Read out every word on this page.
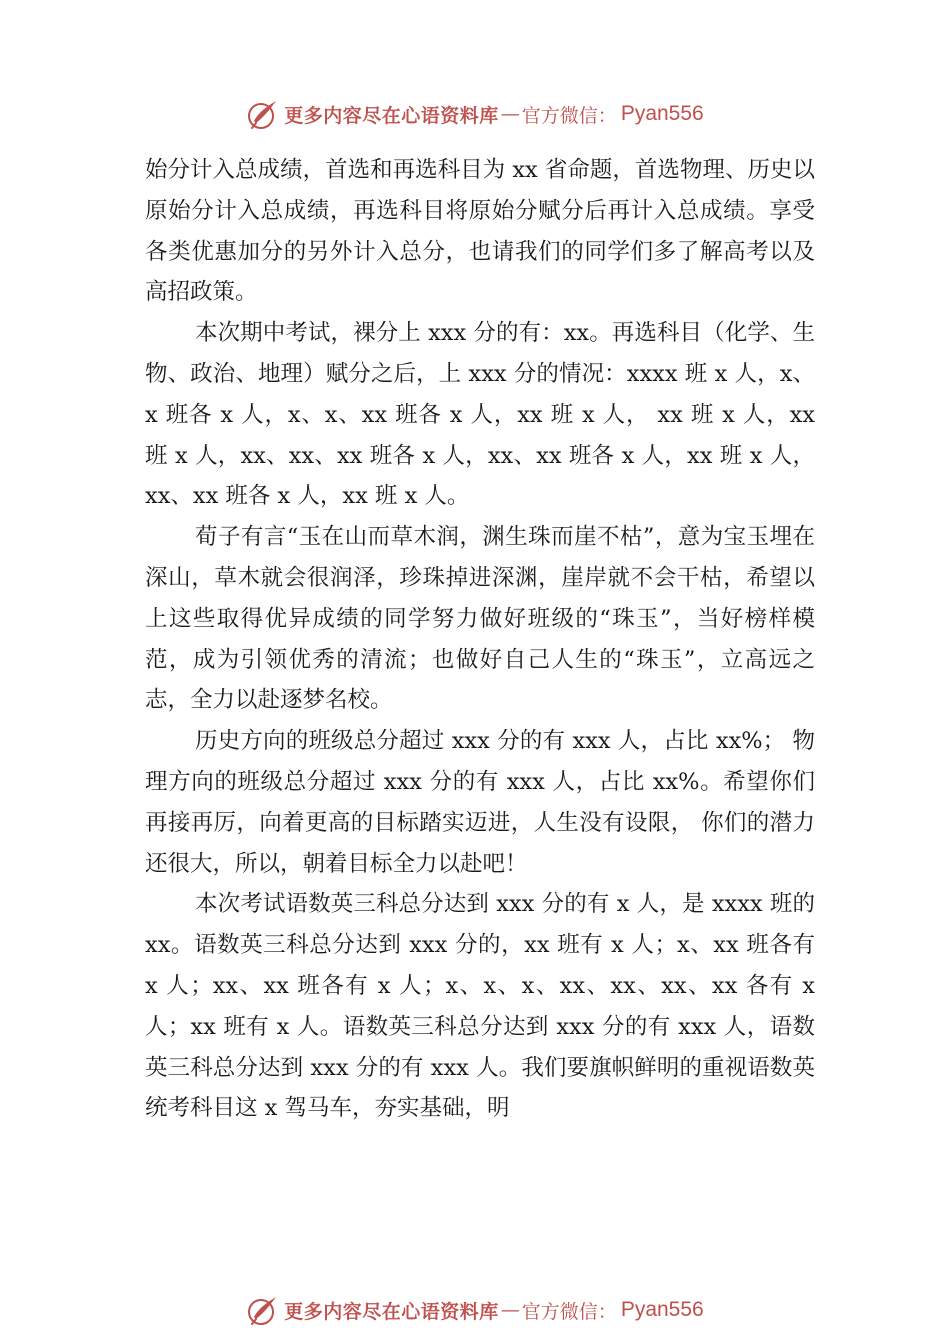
更多内容尽在心语资料库 — 官方微信： Pyan556

始分计入总成绩，首选和再选科目为 xx 省命题，首选物理、历史以原始分计入总成绩，再选科目将原始分赋分后再计入总成绩。享受各类优惠加分的另外计入总分，也请我们的同学们多了解高考以及高招政策。

本次期中考试，裸分上 xxx 分的有：xx。再选科目（化学、生物、政治、地理）赋分之后，上 xxx 分的情况：xxxx 班 x 人，x、x 班各 x 人，x、x、xx 班各 x 人，xx 班 x 人， xx 班 x 人，xx 班 x 人，xx、xx、xx 班各 x 人，xx、xx 班各 x 人，xx 班 x 人，xx、xx 班各 x 人，xx 班 x 人。

荀子有言“玉在山而草木润，渊生珠而崖不枯”，意为宝玉埋在深山，草木就会很润泽，珍珠掉进深渊，崖岸就不会干枯，希望以上这些取得优异成绩的同学努力做好班级的“珠玉”，当好榜样模范，成为引领优秀的清流；也做好自己人生的“珠玉”，立高远之志，全力以赴逐梦名校。

历史方向的班级总分超过 xxx 分的有 xxx 人，占比 xx%； 物理方向的班级总分超过 xxx 分的有 xxx 人，占比 xx%。希望你们再接再厉，向着更高的目标踏实迈进，人生没有设限， 你们的潜力还很大，所以，朝着目标全力以赴吧！

本次考试语数英三科总分达到 xxx 分的有 x 人，是 xxxx 班的 xx。语数英三科总分达到 xxx 分的，xx 班有 x 人；x、xx 班各有 x 人；xx、xx 班各有 x 人；x、x、x、xx、xx、xx、xx 各有 x 人；xx 班有 x 人。语数英三科总分达到 xxx 分的有 xxx 人，语数英三科总分达到 xxx 分的有 xxx 人。我们要旗帜鲜明的重视语数英统考科目这 x 驾马车，夯实基础，明

更多内容尽在心语资料库 — 官方微信： Pyan556
